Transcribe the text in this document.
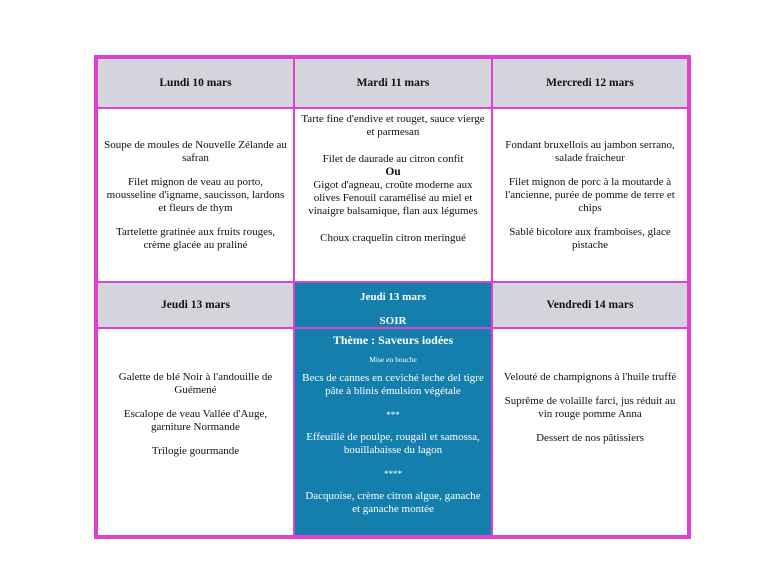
Lundi 10 mars	Mardi 11 mars	Mercredi 12 mars
Soupe de moules de Nouvelle Zélande au safran
Filet mignon de veau au porto, mousseline d'igname, saucisson, lardons et fleurs de thym
Tartelette gratinée aux fruits rouges, crème glacée au praliné
Tarte fine d'endive et rouget, sauce vierge et parmesan
Filet de daurade au citron confit
Ou
Gigot d'agneau, croûte moderne aux olives Fenouil caramélisé au miel et vinaigre balsamique, flan aux légumes
Choux craquelin citron meringué
Fondant bruxellois au jambon serrano, salade fraicheur
Filet mignon de porc à la moutarde à l'ancienne, purée de pomme de terre et chips
Sablé bicolore aux framboises, glace pistache
Jeudi 13 mars
Jeudi 13 mars
SOIR
Vendredi 14 mars
Galette de blé Noir à l'andouille de Guémené
Escalope de veau Vallée d'Auge, garniture Normande
Trilogie gourmande
Thème : Saveurs iodées
Mise en bouche
Becs de cannes en ceviché leche del tigre pâte à blinis émulsion végétale
***
Effeuillé de poulpe, rougail et samossa, bouillabaisse du lagon
****
Dacquoise, crème citron algue, ganache et ganache montée
Velouté de champignons à l'huile truffé
Suprême de volaille farci, jus réduit au vin rouge pomme Anna
Dessert de nos pâtissiers
